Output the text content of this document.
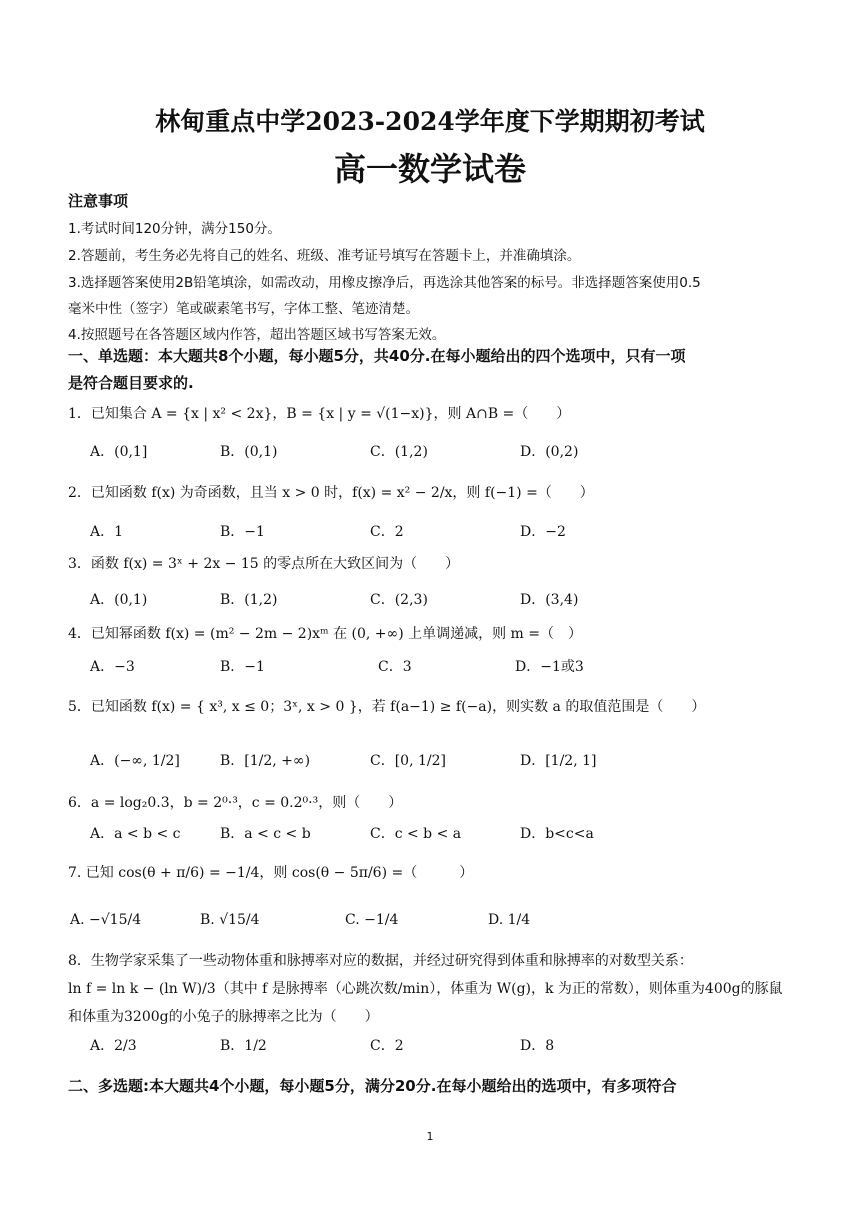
林甸重点中学2023-2024学年度下学期期初考试
高一数学试卷
注意事项
1.考试时间120分钟，满分150分。
2.答题前，考生务必先将自己的姓名、班级、准考证号填写在答题卡上，并准确填涂。
3.选择题答案使用2B铅笔填涂，如需改动，用橡皮擦净后，再选涂其他答案的标号。非选择题答案使用0.5
毫米中性（签字）笔或碳素笔书写，字体工整、笔迹清楚。
4.按照题号在各答题区域内作答，超出答题区域书写答案无效。
一、单选题：本大题共8个小题，每小题5分，共40分.在每小题给出的四个选项中，只有一项
是符合题目要求的.
1．已知集合 A = {x | x² < 2x}，B = {x | y = √(1−x)}，则 A∩B =（　　）
A．(0,1]	B．(0,1)	C．(1,2)	D．(0,2)
2．已知函数 f(x) 为奇函数，且当 x > 0 时，f(x) = x² − 2/x，则 f(−1) =（　　）
A．1	B．−1	C．2	D．−2
3．函数 f(x) = 3ˣ + 2x − 15 的零点所在大致区间为（　　）
A．(0,1)	B．(1,2)	C．(2,3)	D．(3,4)
4．已知幂函数 f(x) = (m² − 2m − 2)xᵐ 在 (0, +∞) 上单调递减，则 m =（　）
A．−3	B．−1	C．3	D．−1或3
5．已知函数 f(x) = { x³, x ≤ 0；3ˣ, x > 0 }，若 f(a−1) ≥ f(−a)，则实数 a 的取值范围是（　　）
A．(−∞, 1/2]	B．[1/2, +∞)	C．[0, 1/2]	D．[1/2, 1]
6．a = log₂0.3，b = 2⁰·³，c = 0.2⁰·³，则（　　）
A．a < b < c	B．a < c < b	C．c < b < a	D．b<c<a
7. 已知 cos(θ + π/6) = −1/4，则 cos(θ − 5π/6) =（　　　）
A. −√15/4	B. √15/4	C. −1/4	D. 1/4
8．生物学家采集了一些动物体重和脉搏率对应的数据，并经过研究得到体重和脉搏率的对数型关系：
ln f = ln k − (ln W)/3（其中 f 是脉搏率（心跳次数/min），体重为 W(g)，k 为正的常数），则体重为400g的豚鼠
和体重为3200g的小兔子的脉搏率之比为（　　）
A．2/3	B．1/2	C．2	D．8
二、多选题:本大题共4个小题，每小题5分，满分20分.在每小题给出的选项中，有多项符合
1
